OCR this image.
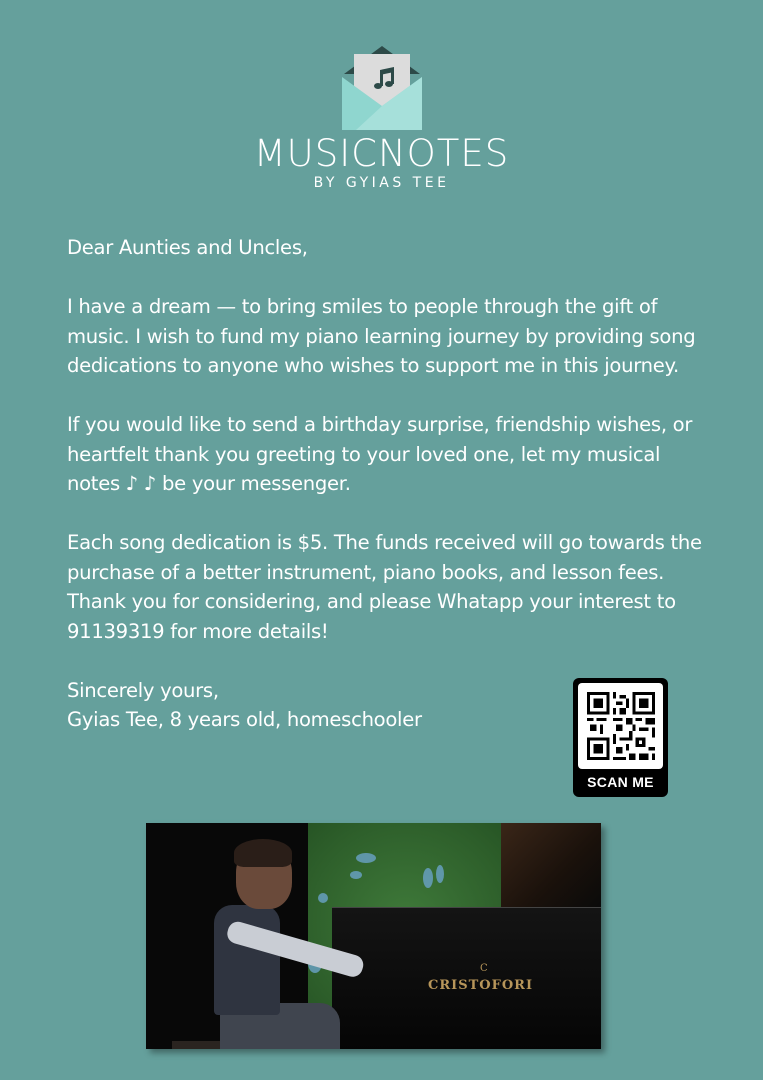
MUSICNOTES
BY GYIAS TEE

Dear Aunties and Uncles,

I have a dream — to bring smiles to people through the gift of music. I wish to fund my piano learning journey by providing song dedications to anyone who wishes to support me in this journey.

If you would like to send a birthday surprise, friendship wishes, or heartfelt thank you greeting to your loved one, let my musical notes ♪ ♪ be your messenger.

Each song dedication is $5. The funds received will go towards the purchase of a better instrument, piano books, and lesson fees. Thank you for considering, and please Whatapp your interest to 91139319 for more details!

Sincerely yours,
Gyias Tee, 8 years old, homeschooler
SCAN ME
C
CRISTOFORI
